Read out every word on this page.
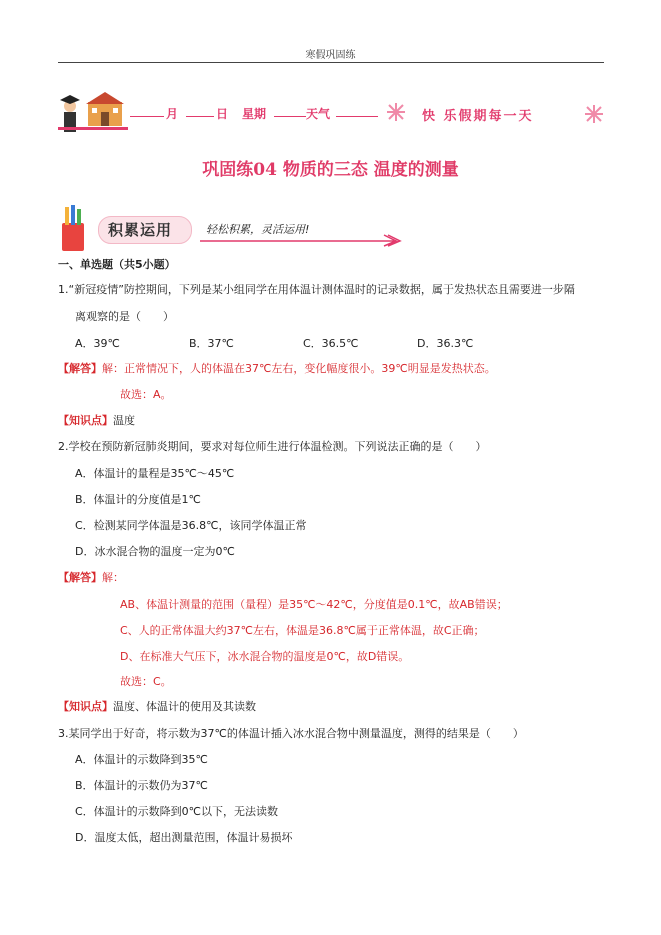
寒假巩固练
月	日 星期	天气	快 乐假期每一天
巩固练04 物质的三态 温度的测量
积累运用	轻松积累，灵活运用!
一、单选题（共5小题）
1.“新冠疫情”防控期间，下列是某小组同学在用体温计测体温时的记录数据，属于发热状态且需要进一步隔
离观察的是（　　）
A．39℃	B．37℃	C．36.5℃	D．36.3℃
【解答】解：正常情况下，人的体温在37℃左右，变化幅度很小。39℃明显是发热状态。
故选：A。
【知识点】温度
2.学校在预防新冠肺炎期间，要求对每位师生进行体温检测。下列说法正确的是（　　）
A．体温计的量程是35℃～45℃
B．体温计的分度值是1℃
C．检测某同学体温是36.8℃，该同学体温正常
D．冰水混合物的温度一定为0℃
【解答】解：
AB、体温计测量的范围（量程）是35℃～42℃，分度值是0.1℃，故AB错误；
C、人的正常体温大约37℃左右，体温是36.8℃属于正常体温，故C正确；
D、在标准大气压下，冰水混合物的温度是0℃，故D错误。
故选：C。
【知识点】温度、体温计的使用及其读数
3.某同学出于好奇，将示数为37℃的体温计插入冰水混合物中测量温度，测得的结果是（　　）
A．体温计的示数降到35℃
B．体温计的示数仍为37℃
C．体温计的示数降到0℃以下，无法读数
D．温度太低，超出测量范围，体温计易损坏
